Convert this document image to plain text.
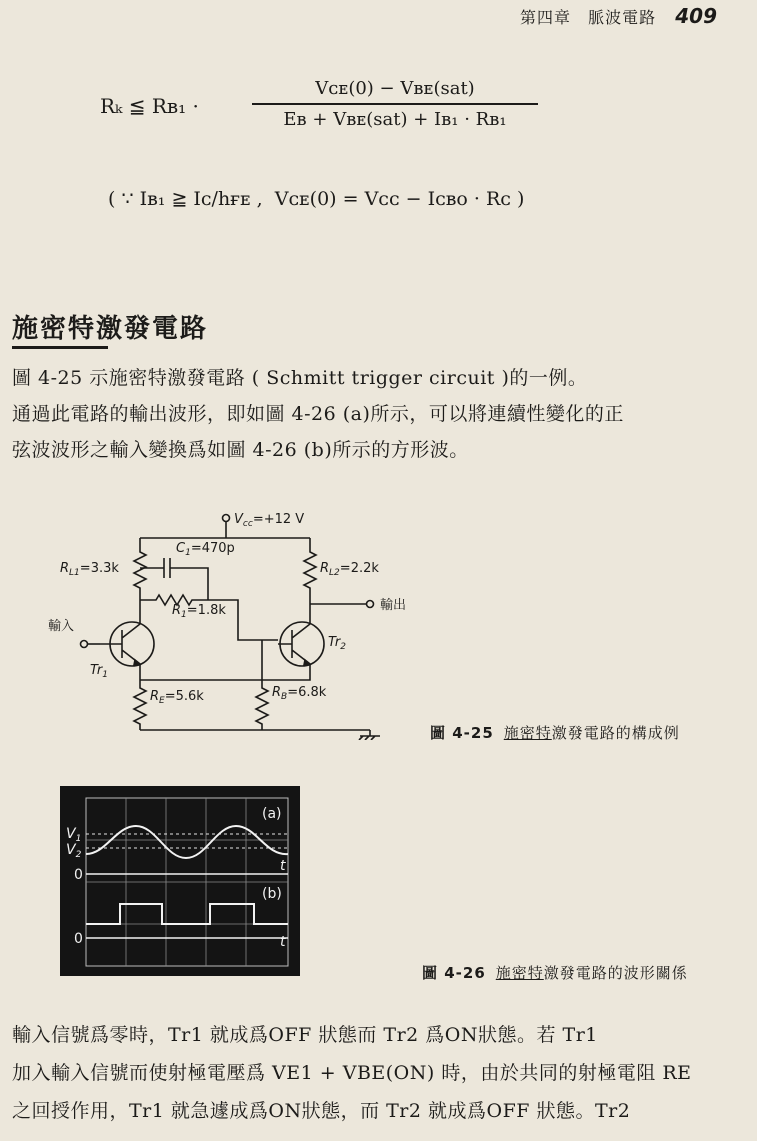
第四章 脈波電路 409
Rₖ ≦ Rʙ₁ ·
Vᴄᴇ(0) − Vʙᴇ(sat)
Eʙ + Vʙᴇ(sat) + Iʙ₁ · Rʙ₁
( ∵ Iʙ₁ ≧ Iᴄ∕hғᴇ ,  Vᴄᴇ(0) = Vᴄᴄ − Iᴄʙᴏ · Rᴄ )
施密特激發電路

圖 4-25 示施密特激發電路 ( Schmitt trigger circuit )的一例。

通過此電路的輸出波形，即如圖 4-26 (a)所示，可以將連續性變化的正

弦波波形之輸入變換爲如圖 4-26 (b)所示的方形波。

$V_{cc}=+12$ V
$R_{L1}=3.3k$
$C_1=470p$
$R_1=1.8k$
輸入
$Tr_1$
$R_E=5.6k$	$R_B=6.8k$
$Tr_2$
$R_{L2}=2.2k$
輸出
圖 4-25 施密特激發電路的構成例
(a)
(b)
$V_1$
$V_2$
0
0
t
t
圖 4-26 施密特激發電路的波形關係

輸入信號爲零時，Tr1 就成爲OFF 狀態而 Tr2 爲ON狀態。若 Tr1

加入輸入信號而使射極電壓爲 VE1 + VBE(ON) 時，由於共同的射極電阻 RE

之回授作用，Tr1 就急遽成爲ON狀態，而 Tr2 就成爲OFF 狀態。Tr2
